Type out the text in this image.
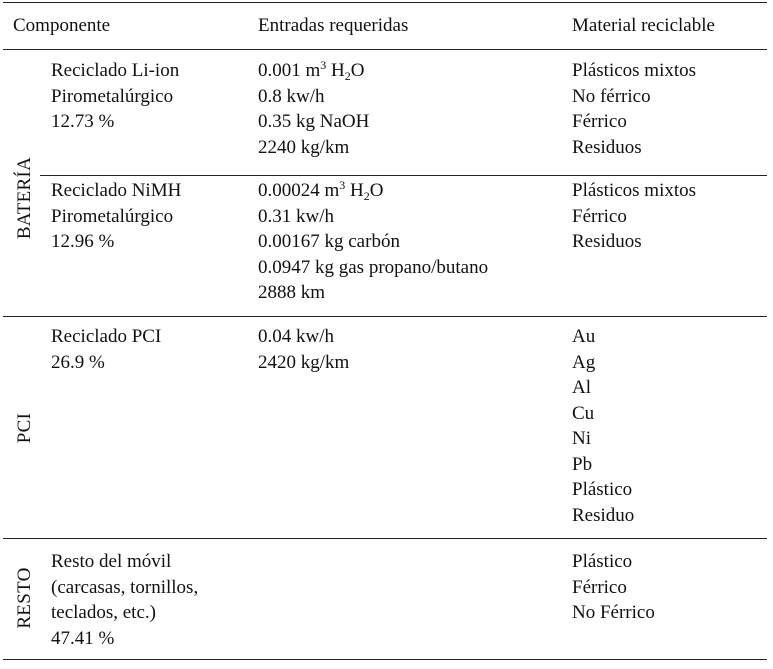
Componente	Entradas requeridas	Material reciclable
BATERÍA
PCI
RESTO
Reciclado Li-ion
Pirometalúrgico
12.73 %
0.001 $m^3$ $H_2O$
0.8 kw/h
0.35 kg NaOH
2240 kg/km
Plásticos mixtos
No férrico
Férrico
Residuos
Reciclado NiMH
Pirometalúrgico
12.96 %
0.00024 $m^3$ $H_2O$
0.31 kw/h
0.00167 kg carbón
0.0947 kg gas propano/butano
2888 km
Plásticos mixtos
Férrico
Residuos
Reciclado PCI
26.9 %
0.04 kw/h
2420 kg/km
Au
Ag
Al
Cu
Ni
Pb
Plástico
Residuo
Resto del móvil
(carcasas, tornillos,
teclados, etc.)
47.41 %
Plástico
Férrico
No Férrico
